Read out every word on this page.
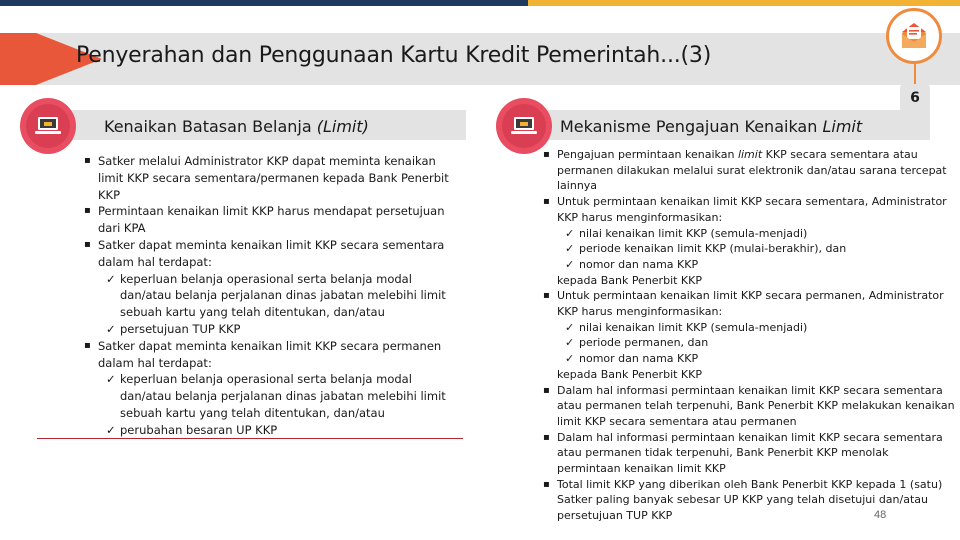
Penyerahan dan Penggunaan Kartu Kredit Pemerintah...(3)
6
Kenaikan Batasan Belanja (Limit)
▪ Satker melalui Administrator KKP dapat meminta kenaikan limit KKP secara sementara/permanen kepada Bank Penerbit KKP
▪ Permintaan kenaikan limit KKP harus mendapat persetujuan dari KPA
▪ Satker dapat meminta kenaikan limit KKP secara sementara dalam hal terdapat:
✓ keperluan belanja operasional serta belanja modal dan/atau belanja perjalanan dinas jabatan melebihi limit sebuah kartu yang telah ditentukan, dan/atau
✓ persetujuan TUP KKP
▪ Satker dapat meminta kenaikan limit KKP secara permanen dalam hal terdapat:
✓ keperluan belanja operasional serta belanja modal dan/atau belanja perjalanan dinas jabatan melebihi limit sebuah kartu yang telah ditentukan, dan/atau
✓ perubahan besaran UP KKP
Mekanisme Pengajuan Kenaikan Limit
▪ Pengajuan permintaan kenaikan limit KKP secara sementara atau permanen dilakukan melalui surat elektronik dan/atau sarana tercepat lainnya
▪ Untuk permintaan kenaikan limit KKP secara sementara, Administrator KKP harus menginformasikan:
✓ nilai kenaikan limit KKP (semula-menjadi)
✓ periode kenaikan limit KKP (mulai-berakhir), dan
✓ nomor dan nama KKP
kepada Bank Penerbit KKP
▪ Untuk permintaan kenaikan limit KKP secara permanen, Administrator KKP harus menginformasikan:
✓ nilai kenaikan limit KKP (semula-menjadi)
✓ periode permanen, dan
✓ nomor dan nama KKP
kepada Bank Penerbit KKP
▪ Dalam hal informasi permintaan kenaikan limit KKP secara sementara atau permanen telah terpenuhi, Bank Penerbit KKP melakukan kenaikan limit KKP secara sementara atau permanen
▪ Dalam hal informasi permintaan kenaikan limit KKP secara sementara atau permanen tidak terpenuhi, Bank Penerbit KKP menolak permintaan kenaikan limit KKP
▪ Total limit KKP yang diberikan oleh Bank Penerbit KKP kepada 1 (satu) Satker paling banyak sebesar UP KKP yang telah disetujui dan/atau persetujuan TUP KKP	48
